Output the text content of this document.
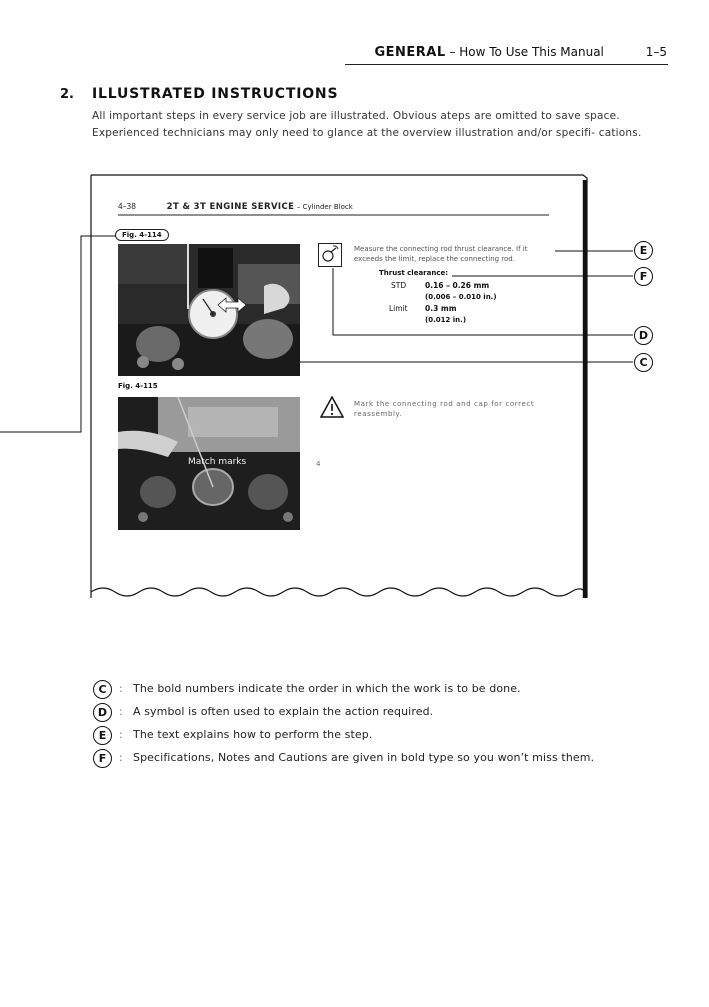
GENERAL – How To Use This Manual	1–5
2. ILLUSTRATED INSTRUCTIONS
All important steps in every service job are illustrated. Obvious ateps are omitted to save space. Experienced technicians may only need to glance at the overview illustration and/or specifi- cations.
4–38	2T & 3T ENGINE SERVICE – Cylinder Block
Fig. 4-114
Fig. 4-115
Match marks
Measure the connecting rod thrust clearance. If it exceeds the limit, replace the connecting rod.
Thrust clearance:
STD	0.16 – 0.26 mm
(0.006 – 0.010 in.)
Limit 0.3 mm
(0.012 in.)
Mark the connecting rod and cap for correct reassembly.
4
E
F
D
C
C	: The bold numbers indicate the order in which the work is to be done.
D	: A symbol is often used to explain the action required.
E	: The text explains how to perform the step.
F	: Specifications, Notes and Cautions are given in bold type so you won’t miss them.
